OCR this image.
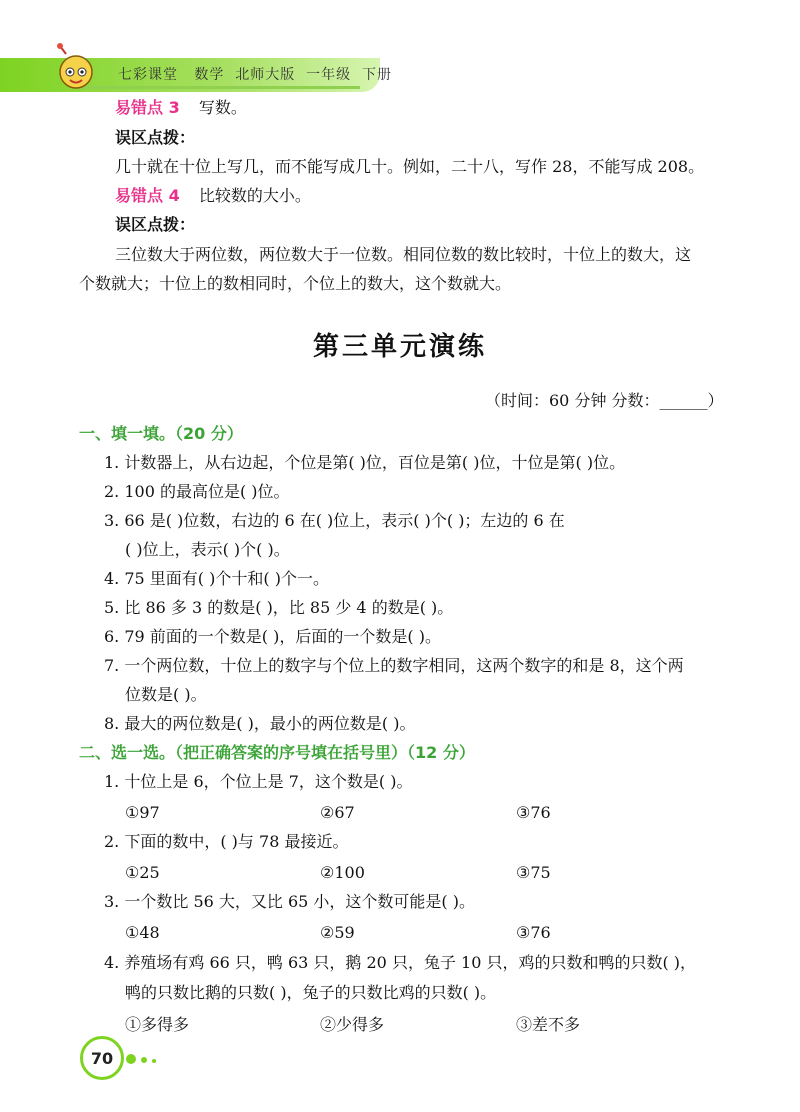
七彩课堂   数学  北师大版  一年级  下册
易错点 3 写数。
误区点拨：
几十就在十位上写几，而不能写成几十。例如，二十八，写作 28，不能写成 208。
易错点 4 比较数的大小。
误区点拨：
三位数大于两位数，两位数大于一位数。相同位数的数比较时，十位上的数大，这
个数就大；十位上的数相同时，个位上的数大，这个数就大。
第三单元演练
（时间：60 分钟 分数：______）
一、填一填。（20 分）
1. 计数器上，从右边起，个位是第( )位，百位是第( )位，十位是第( )位。
2. 100 的最高位是( )位。
3. 66 是( )位数，右边的 6 在( )位上，表示( )个( )；左边的 6 在
( )位上，表示( )个( )。
4. 75 里面有( )个十和( )个一。
5. 比 86 多 3 的数是( )，比 85 少 4 的数是( )。
6. 79 前面的一个数是( )，后面的一个数是( )。
7. 一个两位数，十位上的数字与个位上的数字相同，这两个数字的和是 8，这个两
位数是( )。
8. 最大的两位数是( )，最小的两位数是( )。
二、选一选。（把正确答案的序号填在括号里）（12 分）
1. 十位上是 6，个位上是 7，这个数是( )。
①97	②67	③76
2. 下面的数中，( )与 78 最接近。
①25	②100	③75
3. 一个数比 56 大，又比 65 小，这个数可能是( )。
①48	②59	③76
4. 养殖场有鸡 66 只，鸭 63 只，鹅 20 只，兔子 10 只，鸡的只数和鸭的只数( )，
鸭的只数比鹅的只数( )，兔子的只数比鸡的只数( )。
①多得多	②少得多	③差不多
70
